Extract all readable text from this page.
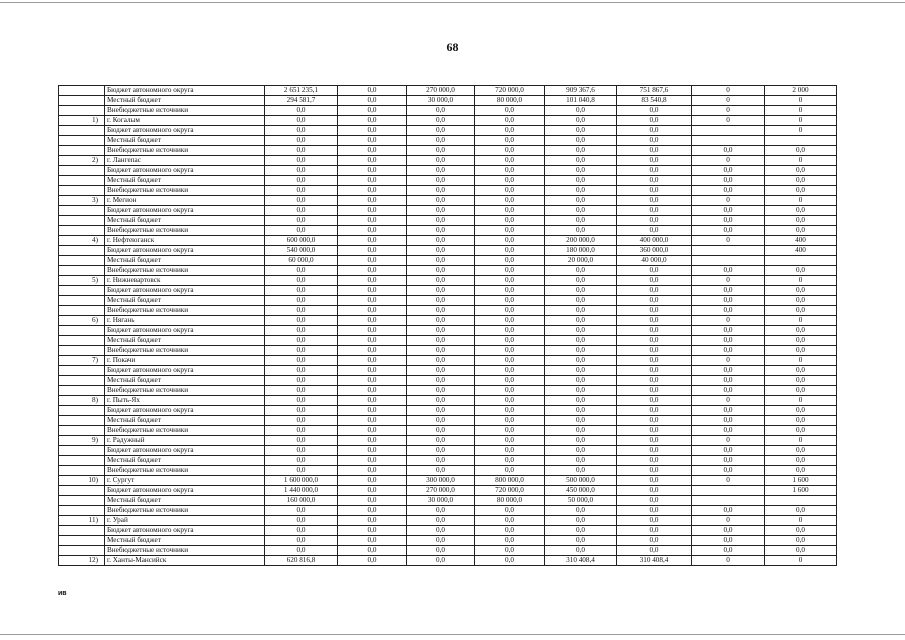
68
	Бюджет автономного округа	2 651 235,1	0,0	270 000,0	720 000,0	909 367,6	751 867,6	0	2 000
	Местный бюджет	294 581,7	0,0	30 000,0	80 000,0	101 040,8	83 540,8	0	0
	Внебюджетные источники	0,0	0,0	0,0	0,0	0,0	0,0	0	0
1)	г. Когалым	0,0	0,0	0,0	0,0	0,0	0,0	0	0
	Бюджет автономного округа	0,0	0,0	0,0	0,0	0,0	0,0		0
	Местный бюджет	0,0	0,0	0,0	0,0	0,0	0,0		
	Внебюджетные источники	0,0	0,0	0,0	0,0	0,0	0,0	0,0	0,0
2)	г. Лангепас	0,0	0,0	0,0	0,0	0,0	0,0	0	0
	Бюджет автономного округа	0,0	0,0	0,0	0,0	0,0	0,0	0,0	0,0
	Местный бюджет	0,0	0,0	0,0	0,0	0,0	0,0	0,0	0,0
	Внебюджетные источники	0,0	0,0	0,0	0,0	0,0	0,0	0,0	0,0
3)	г. Мегион	0,0	0,0	0,0	0,0	0,0	0,0	0	0
	Бюджет автономного округа	0,0	0,0	0,0	0,0	0,0	0,0	0,0	0,0
	Местный бюджет	0,0	0,0	0,0	0,0	0,0	0,0	0,0	0,0
	Внебюджетные источники	0,0	0,0	0,0	0,0	0,0	0,0	0,0	0,0
4)	г. Нефтеюганск	600 000,0	0,0	0,0	0,0	200 000,0	400 000,0	0	400
	Бюджет автономного округа	540 000,0	0,0	0,0	0,0	180 000,0	360 000,0		400
	Местный бюджет	60 000,0	0,0	0,0	0,0	20 000,0	40 000,0		
	Внебюджетные источники	0,0	0,0	0,0	0,0	0,0	0,0	0,0	0,0
5)	г. Нижневартовск	0,0	0,0	0,0	0,0	0,0	0,0	0	0
	Бюджет автономного округа	0,0	0,0	0,0	0,0	0,0	0,0	0,0	0,0
	Местный бюджет	0,0	0,0	0,0	0,0	0,0	0,0	0,0	0,0
	Внебюджетные источники	0,0	0,0	0,0	0,0	0,0	0,0	0,0	0,0
6)	г. Нягань	0,0	0,0	0,0	0,0	0,0	0,0	0	0
	Бюджет автономного округа	0,0	0,0	0,0	0,0	0,0	0,0	0,0	0,0
	Местный бюджет	0,0	0,0	0,0	0,0	0,0	0,0	0,0	0,0
	Внебюджетные источники	0,0	0,0	0,0	0,0	0,0	0,0	0,0	0,0
7)	г. Покачи	0,0	0,0	0,0	0,0	0,0	0,0	0	0
	Бюджет автономного округа	0,0	0,0	0,0	0,0	0,0	0,0	0,0	0,0
	Местный бюджет	0,0	0,0	0,0	0,0	0,0	0,0	0,0	0,0
	Внебюджетные источники	0,0	0,0	0,0	0,0	0,0	0,0	0,0	0,0
8)	г. Пыть-Ях	0,0	0,0	0,0	0,0	0,0	0,0	0	0
	Бюджет автономного округа	0,0	0,0	0,0	0,0	0,0	0,0	0,0	0,0
	Местный бюджет	0,0	0,0	0,0	0,0	0,0	0,0	0,0	0,0
	Внебюджетные источники	0,0	0,0	0,0	0,0	0,0	0,0	0,0	0,0
9)	г. Радужный	0,0	0,0	0,0	0,0	0,0	0,0	0	0
	Бюджет автономного округа	0,0	0,0	0,0	0,0	0,0	0,0	0,0	0,0
	Местный бюджет	0,0	0,0	0,0	0,0	0,0	0,0	0,0	0,0
	Внебюджетные источники	0,0	0,0	0,0	0,0	0,0	0,0	0,0	0,0
10)	г. Сургут	1 600 000,0	0,0	300 000,0	800 000,0	500 000,0	0,0	0	1 600
	Бюджет автономного округа	1 440 000,0	0,0	270 000,0	720 000,0	450 000,0	0,0		1 600
	Местный бюджет	160 000,0	0,0	30 000,0	80 000,0	50 000,0	0,0		
	Внебюджетные источники	0,0	0,0	0,0	0,0	0,0	0,0	0,0	0,0
11)	г. Урай	0,0	0,0	0,0	0,0	0,0	0,0	0	0
	Бюджет автономного округа	0,0	0,0	0,0	0,0	0,0	0,0	0,0	0,0
	Местный бюджет	0,0	0,0	0,0	0,0	0,0	0,0	0,0	0,0
	Внебюджетные источники	0,0	0,0	0,0	0,0	0,0	0,0	0,0	0,0
12)	г. Ханты-Мансийск	620 816,8	0,0	0,0	0,0	310 408,4	310 408,4	0	0
ив
